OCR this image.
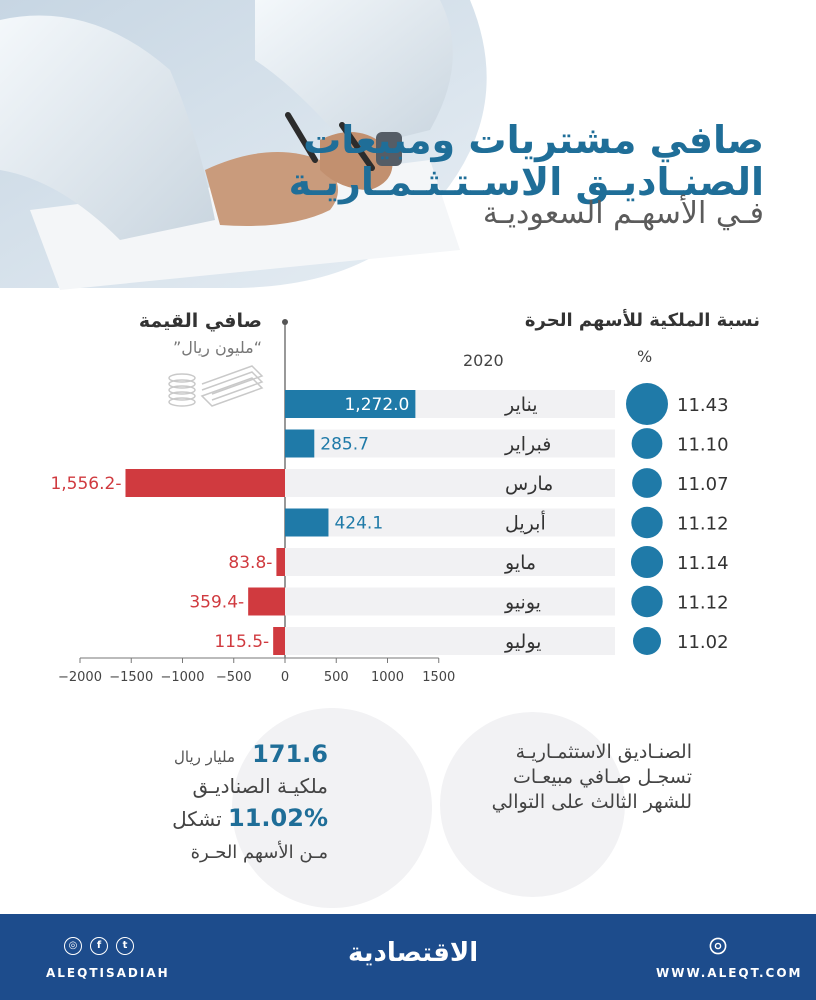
صافي مشتريات ومبيعات
الصنـاديـق الاسـتـثـمـاريـة
فـي الأسهـم السعوديـة
صافي القيمة
“مليون ريال”
نسبة الملكية للأسهم الحرة
2020	%
1,272.0	يناير	11.43
285.7	فبراير	11.10
1,556.2-	مارس	11.07
424.1	أبريل	11.12
83.8-	مايو	11.14
359.4-	يونيو	11.12
115.5-	يوليو	11.02
−2000 −1500 −1000 −500 0	500 1000 1500
171.6 مليار ريال
ملكيـة الصناديـق
11.02% تشكل
مـن الأسهم الحـرة
الصنـاديق الاستثمـاريـة
تسجـل صـافي مبيعـات
للشهر الثالث على التوالي
◎	f	t
ALEQTISADIAH
الاقتصادية
WWW.ALEQT.COM
